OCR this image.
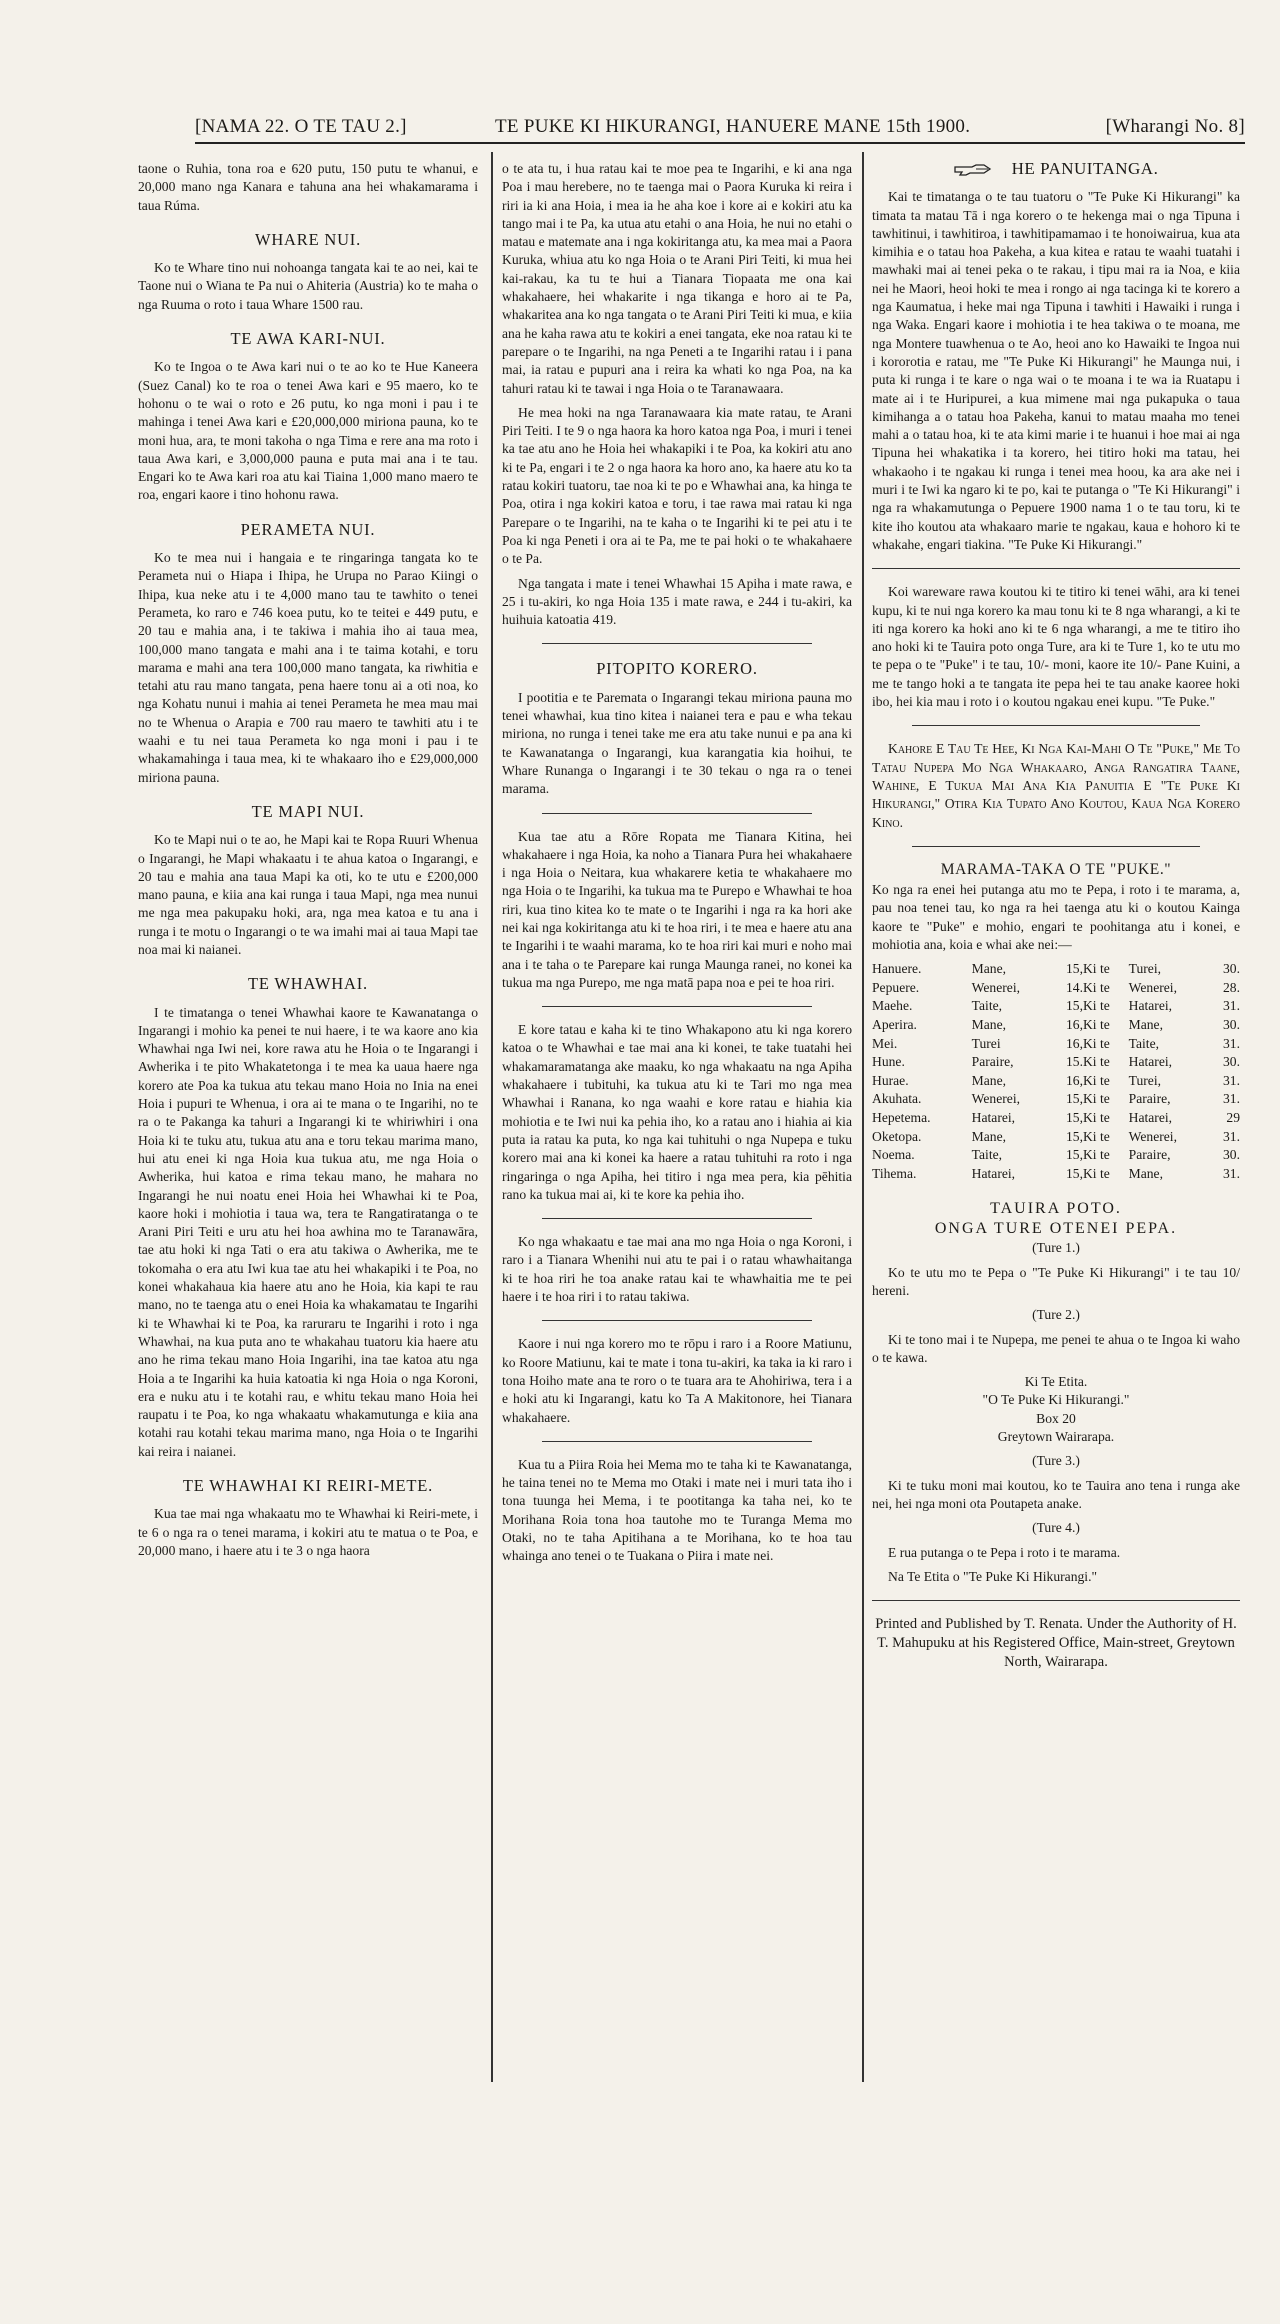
[NAMA 22. O TE TAU 2.]	TE PUKE KI HIKURANGI, HANUERE MANE 15th 1900.	[Wharangi No. 8]

taone o Ruhia, tona roa e 620 putu, 150 putu te whanui, e 20,000 mano nga Kanara e tahuna ana hei whakamarama i taua Rúma.

WHARE NUI.

Ko te Whare tino nui nohoanga tangata kai te ao nei, kai te Taone nui o Wiana te Pa nui o Ahiteria (Austria) ko te maha o nga Ruuma o roto i taua Whare 1500 rau.

TE AWA KARI-NUI.

Ko te Ingoa o te Awa kari nui o te ao ko te Hue Kaneera (Suez Canal) ko te roa o tenei Awa kari e 95 maero, ko te hohonu o te wai o roto e 26 putu, ko nga moni i pau i te mahinga i tenei Awa kari e £20,000,000 miriona pauna, ko te moni hua, ara, te moni takoha o nga Tima e rere ana ma roto i taua Awa kari, e 3,000,000 pauna e puta mai ana i te tau. Engari ko te Awa kari roa atu kai Tiaina 1,000 mano maero te roa, engari kaore i tino hohonu rawa.

PERAMETA NUI.

Ko te mea nui i hangaia e te ringaringa tangata ko te Perameta nui o Hiapa i Ihipa, he Urupa no Parao Kiingi o Ihipa, kua neke atu i te 4,000 mano tau te tawhito o tenei Perameta, ko raro e 746 koea putu, ko te teitei e 449 putu, e 20 tau e mahia ana, i te takiwa i mahia iho ai taua mea, 100,000 mano tangata e mahi ana i te taima kotahi, e toru marama e mahi ana tera 100,000 mano tangata, ka riwhitia e tetahi atu rau mano tangata, pena haere tonu ai a oti noa, ko nga Kohatu nunui i mahia ai tenei Perameta he mea mau mai no te Whenua o Arapia e 700 rau maero te tawhiti atu i te waahi e tu nei taua Perameta ko nga moni i pau i te whakamahinga i taua mea, ki te whakaaro iho e £29,000,000 miriona pauna.

TE MAPI NUI.

Ko te Mapi nui o te ao, he Mapi kai te Ropa Ruuri Whenua o Ingarangi, he Mapi whakaatu i te ahua katoa o Ingarangi, e 20 tau e mahia ana taua Mapi ka oti, ko te utu e £200,000 mano pauna, e kiia ana kai runga i taua Mapi, nga mea nunui me nga mea pakupaku hoki, ara, nga mea katoa e tu ana i runga i te motu o Ingarangi o te wa imahi mai ai taua Mapi tae noa mai ki naianei.

TE WHAWHAI.

I te timatanga o tenei Whawhai kaore te Kawanatanga o Ingarangi i mohio ka penei te nui haere, i te wa kaore ano kia Whawhai nga Iwi nei, kore rawa atu he Hoia o te Ingarangi i Awherika i te pito Whakatetonga i te mea ka uaua haere nga korero ate Poa ka tukua atu tekau mano Hoia no Inia na enei Hoia i pupuri te Whenua, i ora ai te mana o te Ingarihi, no te ra o te Pakanga ka tahuri a Ingarangi ki te whiriwhiri i ona Hoia ki te tuku atu, tukua atu ana e toru tekau marima mano, hui atu enei ki nga Hoia kua tukua atu, me nga Hoia o Awherika, hui katoa e rima tekau mano, he mahara no Ingarangi he nui noatu enei Hoia hei Whawhai ki te Poa, kaore hoki i mohiotia i taua wa, tera te Rangatiratanga o te Arani Piri Teiti e uru atu hei hoa awhina mo te Taranawāra, tae atu hoki ki nga Tati o era atu takiwa o Awherika, me te tokomaha o era atu Iwi kua tae atu hei whakapiki i te Poa, no konei whakahaua kia haere atu ano he Hoia, kia kapi te rau mano, no te taenga atu o enei Hoia ka whakamatau te Ingarihi ki te Whawhai ki te Poa, ka raruraru te Ingarihi i roto i nga Whawhai, na kua puta ano te whakahau tuatoru kia haere atu ano he rima tekau mano Hoia Ingarihi, ina tae katoa atu nga Hoia a te Ingarihi ka huia katoatia ki nga Hoia o nga Koroni, era e nuku atu i te kotahi rau, e whitu tekau mano Hoia hei raupatu i te Poa, ko nga whakaatu whakamutunga e kiia ana kotahi rau kotahi tekau marima mano, nga Hoia o te Ingarihi kai reira i naianei.

TE WHAWHAI KI REIRI-METE.

Kua tae mai nga whakaatu mo te Whawhai ki Reiri-mete, i te 6 o nga ra o tenei marama, i kokiri atu te matua o te Poa, e 20,000 mano, i haere atu i te 3 o nga haora

o te ata tu, i hua ratau kai te moe pea te Ingarihi, e ki ana nga Poa i mau herebere, no te taenga mai o Paora Kuruka ki reira i riri ia ki ana Hoia, i mea ia he aha koe i kore ai e kokiri atu ka tango mai i te Pa, ka utua atu etahi o ana Hoia, he nui no etahi o matau e matemate ana i nga kokiritanga atu, ka mea mai a Paora Kuruka, whiua atu ko nga Hoia o te Arani Piri Teiti, ki mua hei kai-rakau, ka tu te hui a Tianara Tiopaata me ona kai whakahaere, hei whakarite i nga tikanga e horo ai te Pa, whakaritea ana ko nga tangata o te Arani Piri Teiti ki mua, e kiia ana he kaha rawa atu te kokiri a enei tangata, eke noa ratau ki te parepare o te Ingarihi, na nga Peneti a te Ingarihi ratau i i pana mai, ia ratau e pupuri ana i reira ka whati ko nga Poa, na ka tahuri ratau ki te tawai i nga Hoia o te Taranawaara.

He mea hoki na nga Taranawaara kia mate ratau, te Arani Piri Teiti. I te 9 o nga haora ka horo katoa nga Poa, i muri i tenei ka tae atu ano he Hoia hei whakapiki i te Poa, ka kokiri atu ano ki te Pa, engari i te 2 o nga haora ka horo ano, ka haere atu ko ta ratau kokiri tuatoru, tae noa ki te po e Whawhai ana, ka hinga te Poa, otira i nga kokiri katoa e toru, i tae rawa mai ratau ki nga Parepare o te Ingarihi, na te kaha o te Ingarihi ki te pei atu i te Poa ki nga Peneti i ora ai te Pa, me te pai hoki o te whakahaere o te Pa.

Nga tangata i mate i tenei Whawhai 15 Apiha i mate rawa, e 25 i tu-akiri, ko nga Hoia 135 i mate rawa, e 244 i tu-akiri, ka huihuia katoatia 419.

PITOPITO KORERO.

I pootitia e te Paremata o Ingarangi tekau miriona pauna mo tenei whawhai, kua tino kitea i naianei tera e pau e wha tekau miriona, no runga i tenei take me era atu take nunui e pa ana ki te Kawanatanga o Ingarangi, kua karangatia kia hoihui, te Whare Runanga o Ingarangi i te 30 tekau o nga ra o tenei marama.

Kua tae atu a Rōre Ropata me Tianara Kitina, hei whakahaere i nga Hoia, ka noho a Tianara Pura hei whakahaere i nga Hoia o Neitara, kua whakarere ketia te whakahaere mo nga Hoia o te Ingarihi, ka tukua ma te Purepo e Whawhai te hoa riri, kua tino kitea ko te mate o te Ingarihi i nga ra ka hori ake nei kai nga kokiritanga atu ki te hoa riri, i te mea e haere atu ana te Ingarihi i te waahi marama, ko te hoa riri kai muri e noho mai ana i te taha o te Parepare kai runga Maunga ranei, no konei ka tukua ma nga Purepo, me nga matā papa noa e pei te hoa riri.

E kore tatau e kaha ki te tino Whakapono atu ki nga korero katoa o te Whawhai e tae mai ana ki konei, te take tuatahi hei whakamaramatanga ake maaku, ko nga whakaatu na nga Apiha whakahaere i tubituhi, ka tukua atu ki te Tari mo nga mea Whawhai i Ranana, ko nga waahi e kore ratau e hiahia kia mohiotia e te Iwi nui ka pehia iho, ko a ratau ano i hiahia ai kia puta ia ratau ka puta, ko nga kai tuhituhi o nga Nupepa e tuku korero mai ana ki konei ka haere a ratau tuhituhi ra roto i nga ringaringa o nga Apiha, hei titiro i nga mea pera, kia pēhitia rano ka tukua mai ai, ki te kore ka pehia iho.

Ko nga whakaatu e tae mai ana mo nga Hoia o nga Koroni, i raro i a Tianara Whenihi nui atu te pai i o ratau whawhaitanga ki te hoa riri he toa anake ratau kai te whawhaitia me te pei haere i te hoa riri i to ratau takiwa.

Kaore i nui nga korero mo te rōpu i raro i a Roore Matiunu, ko Roore Matiunu, kai te mate i tona tu-akiri, ka taka ia ki raro i tona Hoiho mate ana te roro o te tuara ara te Ahohiriwa, tera i a e hoki atu ki Ingarangi, katu ko Ta A Makitonore, hei Tianara whakahaere.

Kua tu a Piira Roia hei Mema mo te taha ki te Kawanatanga, he taina tenei no te Mema mo Otaki i mate nei i muri tata iho i tona tuunga hei Mema, i te pootitanga ka taha nei, ko te Morihana Roia tona hoa tautohe mo te Turanga Mema mo Otaki, no te taha Apitihana a te Morihana, ko te hoa tau whainga ano tenei o te Tuakana o Piira i mate nei.

HE PANUITANGA.

Kai te timatanga o te tau tuatoru o "Te Puke Ki Hikurangi" ka timata ta matau Tā i nga korero o te hekenga mai o nga Tipuna i tawhitinui, i tawhitiroa, i tawhitipamamao i te honoiwairua, kua ata kimihia e o tatau hoa Pakeha, a kua kitea e ratau te waahi tuatahi i mawhaki mai ai tenei peka o te rakau, i tipu mai ra ia Noa, e kiia nei he Maori, heoi hoki te mea i rongo ai nga tacinga ki te korero a nga Kaumatua, i heke mai nga Tipuna i tawhiti i Hawaiki i runga i nga Waka. Engari kaore i mohiotia i te hea takiwa o te moana, me nga Montere tuawhenua o te Ao, heoi ano ko Hawaiki te Ingoa nui i kororotia e ratau, me "Te Puke Ki Hikurangi" he Maunga nui, i puta ki runga i te kare o nga wai o te moana i te wa ia Ruatapu i mate ai i te Huripurei, a kua mimene mai nga pukapuka o taua kimihanga a o tatau hoa Pakeha, kanui to matau maaha mo tenei mahi a o tatau hoa, ki te ata kimi marie i te huanui i hoe mai ai nga Tipuna hei whakatika i ta korero, hei titiro hoki ma tatau, hei whakaoho i te ngakau ki runga i tenei mea hoou, ka ara ake nei i muri i te Iwi ka ngaro ki te po, kai te putanga o "Te Ki Hikurangi" i nga ra whakamutunga o Pepuere 1900 nama 1 o te tau toru, ki te kite iho koutou ata whakaaro marie te ngakau, kaua e hohoro ki te whakahe, engari tiakina. "Te Puke Ki Hikurangi."

Koi wareware rawa koutou ki te titiro ki tenei wāhi, ara ki tenei kupu, ki te nui nga korero ka mau tonu ki te 8 nga wharangi, a ki te iti nga korero ka hoki ano ki te 6 nga wharangi, a me te titiro iho ano hoki ki te Tauira poto onga Ture, ara ki te Ture 1, ko te utu mo te pepa o te "Puke" i te tau, 10/- moni, kaore ite 10/- Pane Kuini, a me te tango hoki a te tangata ite pepa hei te tau anake kaoree hoki ibo, hei kia mau i roto i o koutou ngakau enei kupu. "Te Puke."

Kahore E Tau Te Hee, Ki Nga Kai-Mahi O Te "Puke," Me To Tatau Nupepa Mo Nga Whakaaro, Anga Rangatira Taane, Wahine, E Tukua Mai Ana Kia Panuitia E "Te Puke Ki Hikurangi," Otira Kia Tupato Ano Koutou, Kaua Nga Korero Kino.

MARAMA-TAKA O TE "PUKE."

Ko nga ra enei hei putanga atu mo te Pepa, i roto i te marama, a, pau noa tenei tau, ko nga ra hei taenga atu ki o koutou Kainga kaore te "Puke" e mohio, engari te poohitanga atu i konei, e mohiotia ana, koia e whai ake nei:—

Hanuere.	Mane,	15,	Ki te	Turei,	30.
Pepuere.	Wenerei,	14.	Ki te	Wenerei,	28.
Maehe.	Taite,	15,	Ki te	Hatarei,	31.
Aperira.	Mane,	16,	Ki te	Mane,	30.
Mei.	Turei	16,	Ki te	Taite,	31.
Hune.	Paraire,	15.	Ki te	Hatarei,	30.
Hurae.	Mane,	16,	Ki te	Turei,	31.
Akuhata.	Wenerei,	15,	Ki te	Paraire,	31.
Hepetema.	Hatarei,	15,	Ki te	Hatarei,	29
Oketopa.	Mane,	15,	Ki te	Wenerei,	31.
Noema.	Taite,	15,	Ki te	Paraire,	30.
Tihema.	Hatarei,	15,	Ki te	Mane,	31.
TAUIRA POTO.
ONGA TURE OTENEI PEPA.

(Ture 1.)

Ko te utu mo te Pepa o "Te Puke Ki Hikurangi" i te tau 10/ hereni.

(Ture 2.)

Ki te tono mai i te Nupepa, me penei te ahua o te Ingoa ki waho o te kawa.

Ki Te Etita.

"O Te Puke Ki Hikurangi."

Box 20

Greytown Wairarapa.

(Ture 3.)

Ki te tuku moni mai koutou, ko te Tauira ano tena i runga ake nei, hei nga moni ota Poutapeta anake.

(Ture 4.)

E rua putanga o te Pepa i roto i te marama.

Na Te Etita o "Te Puke Ki Hikurangi."

Printed and Published by T. Renata. Under the Authority of H. T. Mahupuku at his Registered Office, Main-street, Greytown North, Wairarapa.
